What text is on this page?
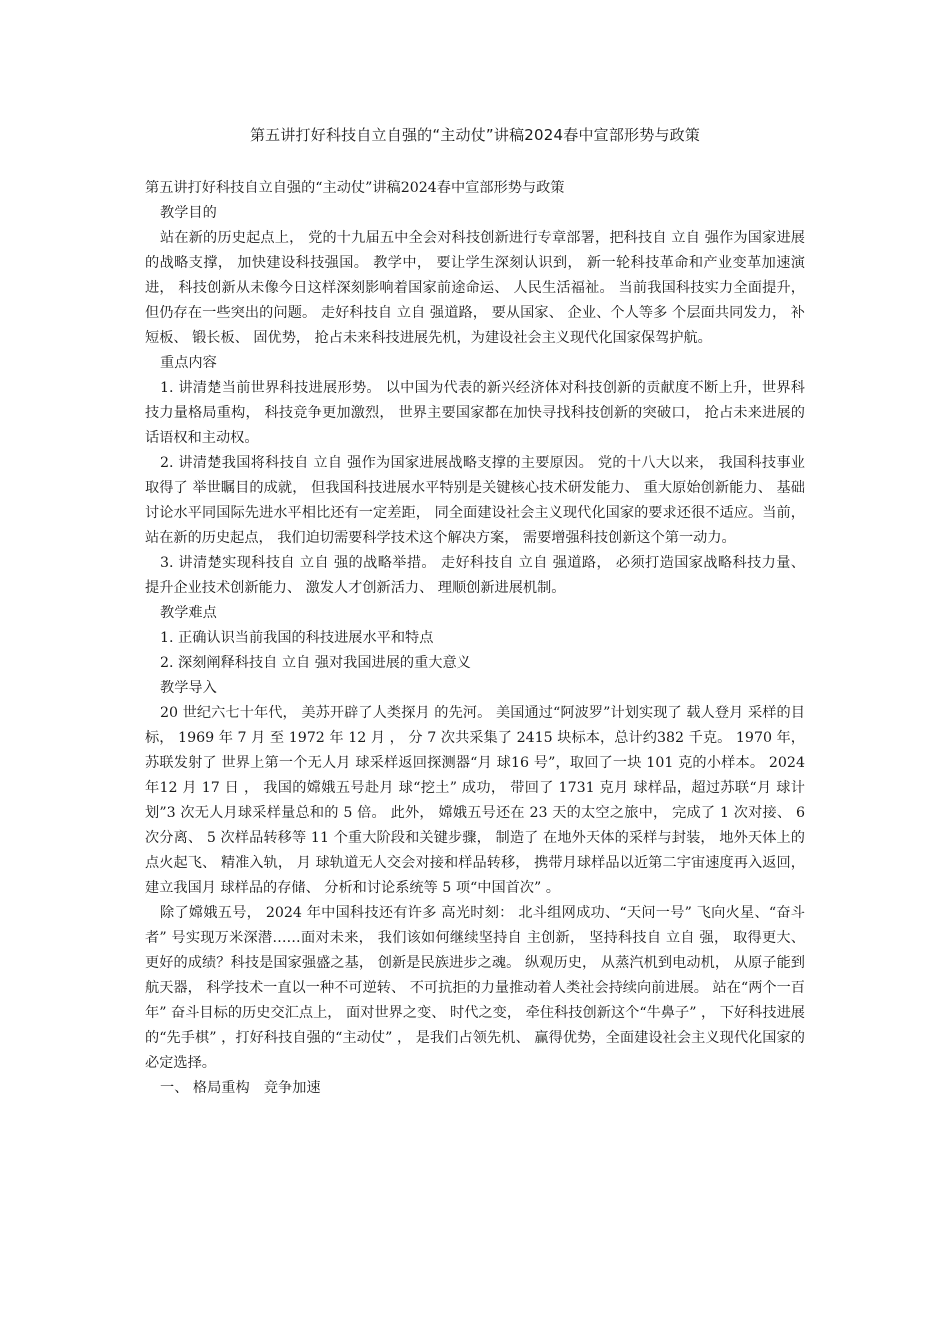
第五讲打好科技自立自强的“主动仗”讲稿2024春中宣部形势与政策

第五讲打好科技自立自强的“主动仗”讲稿2024春中宣部形势与政策

教学目的

站在新的历史起点上， 党的十九届五中全会对科技创新进行专章部署，把科技自 立自 强作为国家进展的战略支撑， 加快建设科技强国。 教学中， 要让学生深刻认识到， 新一轮科技革命和产业变革加速演进， 科技创新从未像今日这样深刻影响着国家前途命运、 人民生活福祉。 当前我国科技实力全面提升， 但仍存在一些突出的问题。 走好科技自 立自 强道路， 要从国家、 企业、个人等多 个层面共同发力， 补短板、 锻长板、 固优势， 抢占未来科技进展先机，为建设社会主义现代化国家保驾护航。

重点内容

1. 讲清楚当前世界科技进展形势。 以中国为代表的新兴经济体对科技创新的贡献度不断上升，世界科技力量格局重构， 科技竞争更加激烈， 世界主要国家都在加快寻找科技创新的突破口， 抢占未来进展的话语权和主动权。

2. 讲清楚我国将科技自 立自 强作为国家进展战略支撑的主要原因。 党的十八大以来， 我国科技事业取得了 举世瞩目的成就， 但我国科技进展水平特别是关键核心技术研发能力、 重大原始创新能力、 基础讨论水平同国际先进水平相比还有一定差距， 同全面建设社会主义现代化国家的要求还很不适应。当前， 站在新的历史起点， 我们迫切需要科学技术这个解决方案， 需要增强科技创新这个第一动力。

3. 讲清楚实现科技自 立自 强的战略举措。 走好科技自 立自 强道路， 必须打造国家战略科技力量、 提升企业技术创新能力、 激发人才创新活力、 理顺创新进展机制。

教学难点

1. 正确认识当前我国的科技进展水平和特点

2. 深刻阐释科技自 立自 强对我国进展的重大意义

教学导入

20 世纪六七十年代， 美苏开辟了人类探月 的先河。 美国通过“阿波罗”计划实现了 载人登月 采样的目 标， 1969 年 7 月 至 1972 年 12 月 ， 分 7 次共采集了 2415 块标本，总计约382 千克。 1970 年， 苏联发射了 世界上第一个无人月 球采样返回探测器“月 球16 号”，取回了一块 101 克的小样本。 2024 年12 月 17 日 ， 我国的嫦娥五号赴月 球“挖土” 成功， 带回了 1731 克月 球样品，超过苏联“月 球计划”3 次无人月球采样量总和的 5 倍。 此外， 嫦娥五号还在 23 天的太空之旅中， 完成了 1 次对接、 6 次分离、 5 次样品转移等 11 个重大阶段和关键步骤， 制造了 在地外天体的采样与封装， 地外天体上的点火起飞、 精准入轨， 月 球轨道无人交会对接和样品转移， 携带月球样品以近第二宇宙速度再入返回， 建立我国月 球样品的存储、 分析和讨论系统等 5 项“中国首次” 。

除了嫦娥五号， 2024 年中国科技还有许多 高光时刻： 北斗组网成功、“天问一号” 飞向火星、“奋斗者” 号实现万米深潜……面对未来， 我们该如何继续坚持自 主创新， 坚持科技自 立自 强， 取得更大、 更好的成绩？科技是国家强盛之基， 创新是民族进步之魂。 纵观历史， 从蒸汽机到电动机， 从原子能到航天器， 科学技术一直以一种不可逆转、 不可抗拒的力量推动着人类社会持续向前进展。 站在“两个一百年” 奋斗目标的历史交汇点上， 面对世界之变、 时代之变， 牵住科技创新这个“牛鼻子” ， 下好科技进展的“先手棋” ，打好科技自强的“主动仗” ， 是我们占领先机、 赢得优势，全面建设社会主义现代化国家的必定选择。

一、 格局重构　竞争加速
